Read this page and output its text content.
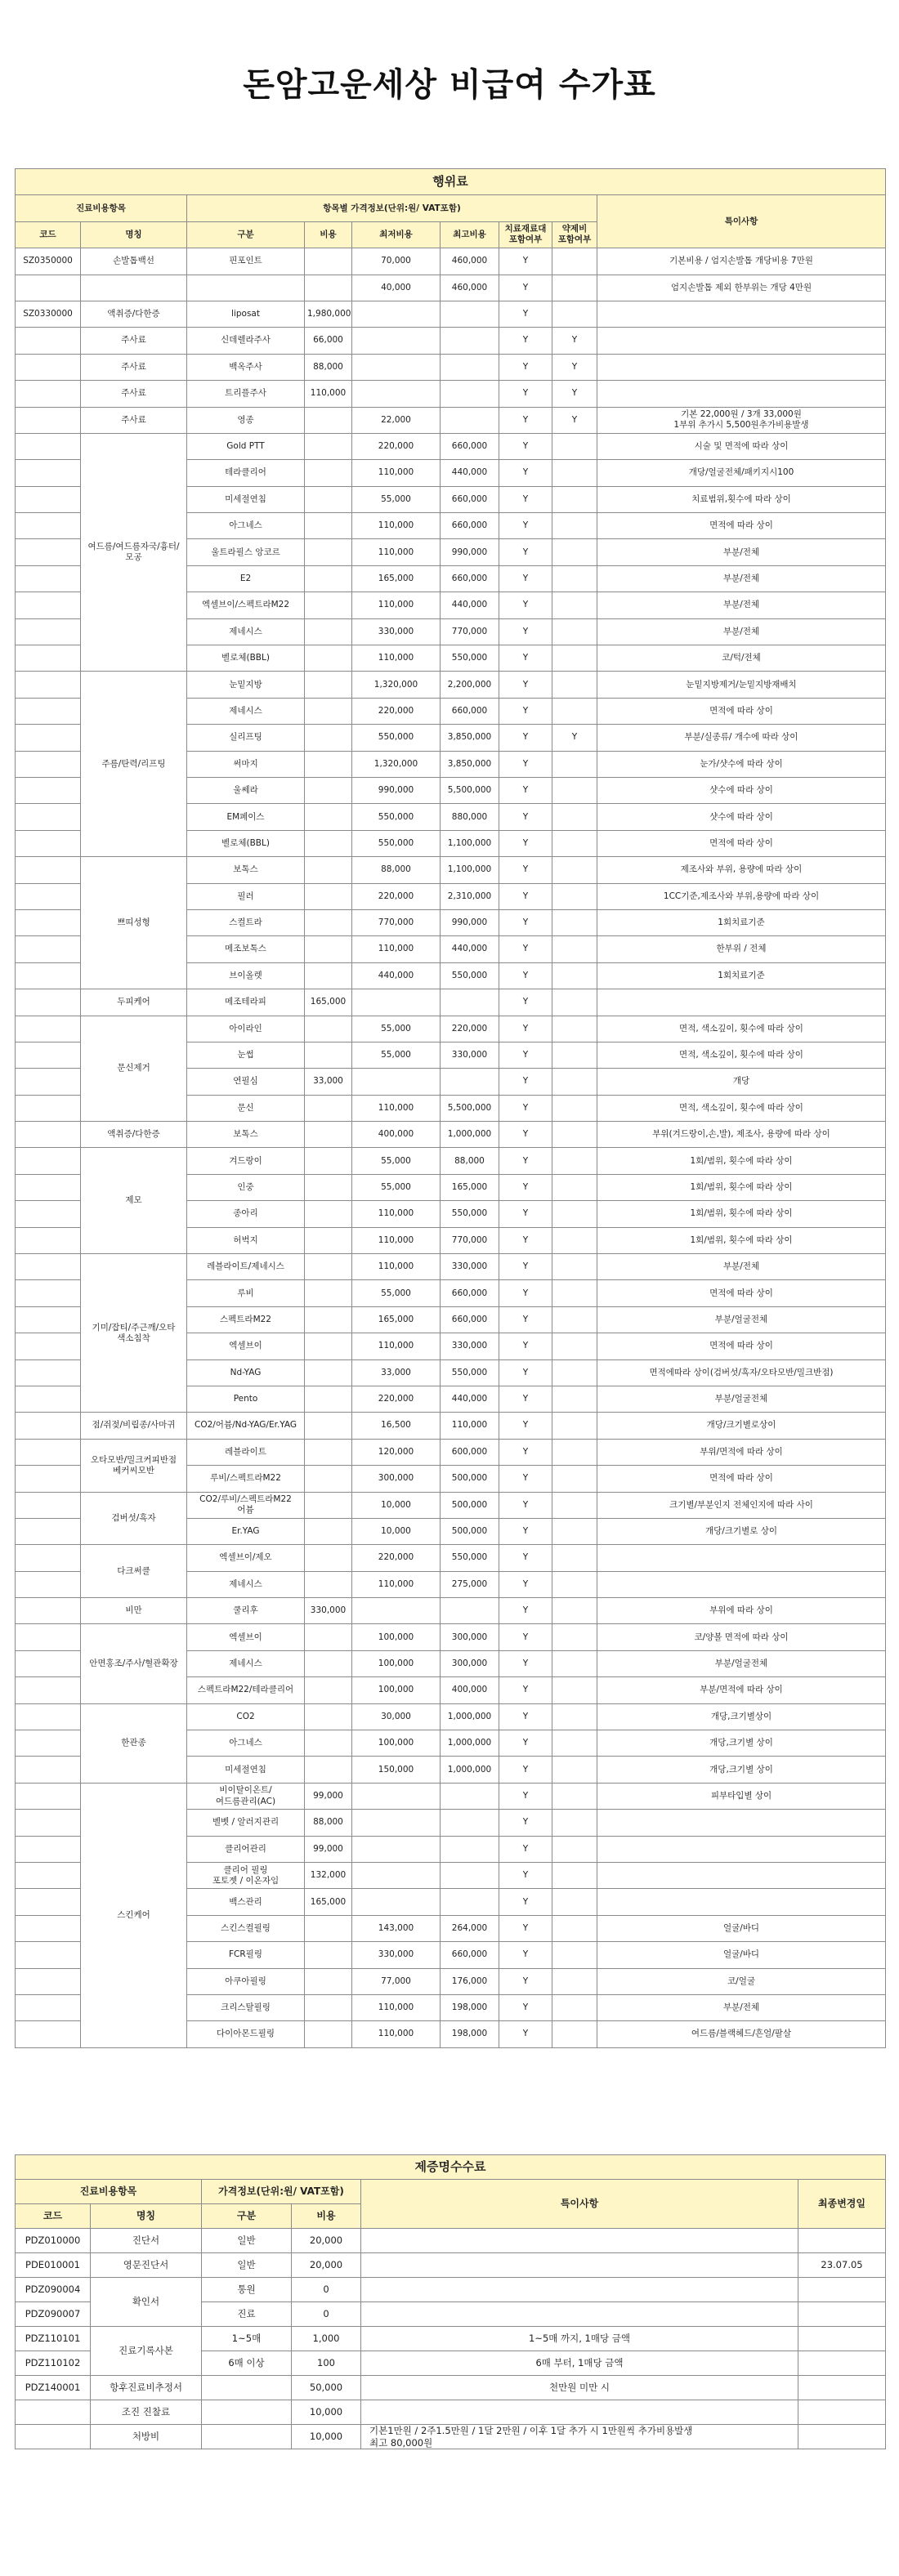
돈암고운세상 비급여 수가표
행위료								
진료비용항목		항목별 가격정보(단위:원/ VAT포함)						특이사항
코드	명칭	구분	비용	최저비용	최고비용	치료재료대 포함여부	약제비 포함여부	
SZ0350000	손발톱백선	핀포인트		70,000	460,000	Y		기본비용 / 엄지손발톱 개당비용 7만원
				40,000	460,000	Y		엄지손발톱 제외 한부위는 개당 4만원
SZ0330000	액취증/다한증	liposat	1,980,000			Y		
	주사료	신데렐라주사	66,000			Y	Y	
	주사료	백옥주사	88,000			Y	Y	
	주사료	트리플주사	110,000			Y	Y	
	주사료	영종		22,000		Y	Y	기본 22,000원 / 3개 33,000원
1부위 추가시 5,500원추가비용발생
	여드름/여드름자국/흉터/모공	Gold PTT		220,000	660,000	Y		시술 및 면적에 따라 상이
		테라클리어		110,000	440,000	Y		개당/얼굴전체/패키지시100
		미세절연침		55,000	660,000	Y		치료범위,횟수에 따라 상이
		아그네스		110,000	660,000	Y		면적에 따라 상이
		울트라필스 앙코르		110,000	990,000	Y		부분/전체
		E2		165,000	660,000	Y		부분/전체
		엑셀브이/스펙트라M22		110,000	440,000	Y		부분/전체
		제네시스		330,000	770,000	Y		부분/전체
		벨로체(BBL)		110,000	550,000	Y		코/턱/전체
	주름/탄력/리프팅	눈밑지방		1,320,000	2,200,000	Y		눈밑지방제거/눈밑지방재배치
		제네시스		220,000	660,000	Y		면적에 따라 상이
		실리프팅		550,000	3,850,000	Y	Y	부분/실종류/ 개수에 따라 상이
		써마지		1,320,000	3,850,000	Y		눈가/샷수에 따라 상이
		울쎄라		990,000	5,500,000	Y		샷수에 따라 상이
		EM페이스		550,000	880,000	Y		샷수에 따라 상이
		벨로체(BBL)		550,000	1,100,000	Y		면적에 따라 상이
	쁘띠성형	보톡스		88,000	1,100,000	Y		제조사와 부위, 용량에 따라 상이
		필러		220,000	2,310,000	Y		1CC기준,제조사와 부위,용량에 따라 상이
		스컬트라		770,000	990,000	Y		1회치료기준
		메조보톡스		110,000	440,000	Y		한부위 / 전체
		브이올렛		440,000	550,000	Y		1회치료기준
	두피케어	메조테라피	165,000			Y		
	문신제거	아이라인		55,000	220,000	Y		면적, 색소깊이, 횟수에 따라 상이
		눈썹		55,000	330,000	Y		면적, 색소깊이, 횟수에 따라 상이
		연필심	33,000			Y		개당
		문신		110,000	5,500,000	Y		면적, 색소깊이, 횟수에 따라 상이
	액취증/다한증	보톡스		400,000	1,000,000	Y		부위(겨드랑이,손,발), 제조사, 용량에 따라 상이
	제모	겨드랑이		55,000	88,000	Y		1회/범위, 횟수에 따라 상이
		인중		55,000	165,000	Y		1회/범위, 횟수에 따라 상이
		종아리		110,000	550,000	Y		1회/범위, 횟수에 따라 상이
		허벅지		110,000	770,000	Y		1회/범위, 횟수에 따라 상이
	기미/잡티/주근깨/오타
색소침착	레블라이트/제네시스		110,000	330,000	Y		부분/전체
		루비		55,000	660,000	Y		면적에 따라 상이
		스펙트라M22		165,000	660,000	Y		부분/얼굴전체
		엑셀브이		110,000	330,000	Y		면적에 따라 상이
		Nd-YAG		33,000	550,000	Y		면적에따라 상이(검버섯/흑자/오타모반/밀크반점)
		Pento		220,000	440,000	Y		부분/얼굴전체
	점/쥐젖/비립종/사마귀	CO2/어븀/Nd-YAG/Er.YAG		16,500	110,000	Y		개당/크기별로상이
	오타모반/밀크커피반점
베커씨모반	레블라이트		120,000	600,000	Y		부위/면적에 따라 상이
		루비/스펙트라M22		300,000	500,000	Y		면적에 따라 상이
	검버섯/흑자	CO2/루비/스펙트라M22
어븀		10,000	500,000	Y		크기별/부분인지 전체인지에 따라 사이
		Er.YAG		10,000	500,000	Y		개당/크기별로 상이
	다크써클	엑셀브이/제오		220,000	550,000	Y		
		제네시스		110,000	275,000	Y		
	비만	쿨리후	330,000			Y		부위에 따라 상이
	안면홍조/주사/혈관확장	엑셀브이		100,000	300,000	Y		코/양볼 면적에 따라 상이
		제네시스		100,000	300,000	Y		부분/얼굴전체
		스펙트라M22/테라클리어		100,000	400,000	Y		부분/면적에 따라 상이
	한관종	CO2		30,000	1,000,000	Y		개당,크기별상이
		아그네스		100,000	1,000,000	Y		개당,크기별 상이
		미세절연침		150,000	1,000,000	Y		개당,크기별 상이
	스킨케어	비이탈이온트/
여드름관리(AC)	99,000			Y		피부타입별 상이
		벨벳 / 알러지관리	88,000			Y		
		클리어관리	99,000			Y		
		클리어 필링
포토젯 / 이온자임	132,000			Y		
		백스관리	165,000			Y		
		스킨스컬필링		143,000	264,000	Y		얼굴/바디
		FCR필링		330,000	660,000	Y		얼굴/바디
		아쿠아필링		77,000	176,000	Y		코/얼굴
		크리스탈필링		110,000	198,000	Y		부분/전체
		다이아몬드필링		110,000	198,000	Y		여드름/블랙헤드/흔얼/팔살
제증명수수료					
진료비용항목		가격정보(단위:원/ VAT포함)		특이사항	최종변경일
코드	명칭	구분	비용		
PDZ010000	진단서	일반	20,000		
PDE010001	영문진단서	일반	20,000		23.07.05
PDZ090004	확인서	통원	0		
PDZ090007		진료	0		
PDZ110101	진료기록사본	1~5매	1,000	1~5매 까지, 1매당 금액	
PDZ110102		6매 이상	100	6매 부터, 1매당 금액	
PDZ140001	항후진료비추정서		50,000	천만원 미만 시	
	조진 진찰료		10,000		
	처방비		10,000	기본1만원 / 2주1.5만원 / 1달 2만원 / 이후 1달 추가 시 1만원씩 추가비용발생
최고 80,000원	
